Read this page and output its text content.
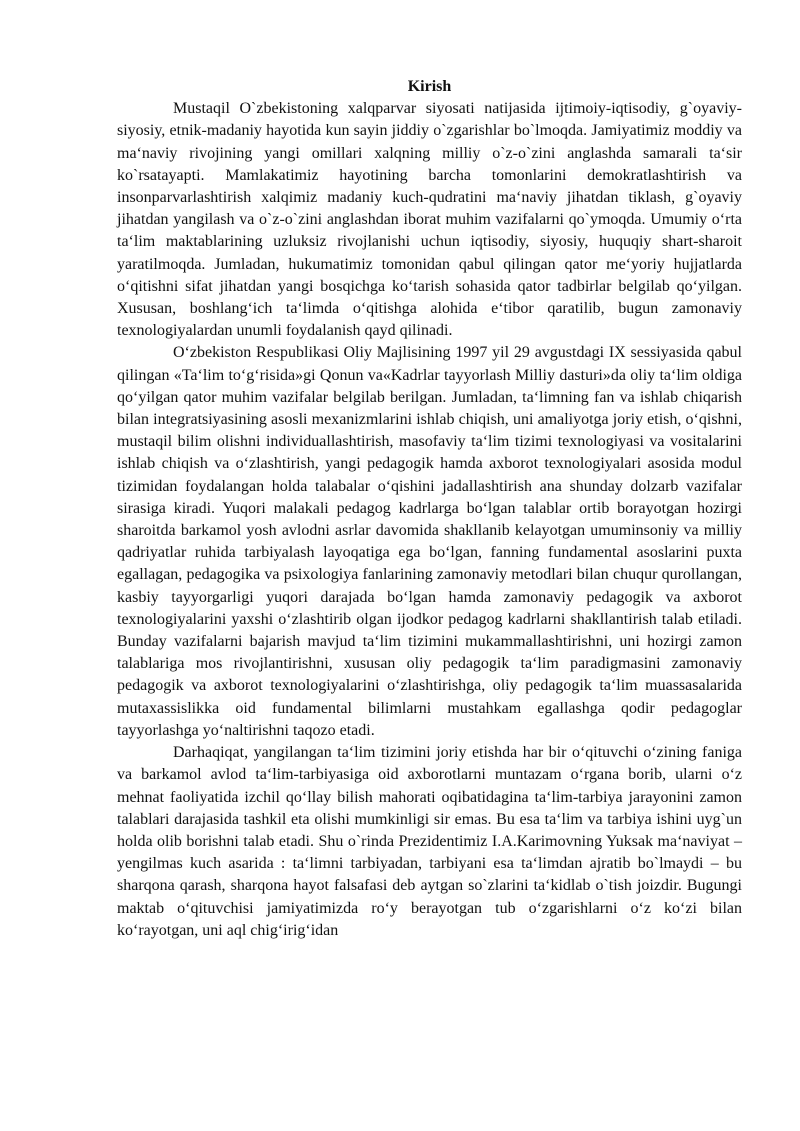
Kirish

Mustaqil O`zbekistoning xalqparvar siyosati natijasida ijtimoiy-iqtisodiy, g`oyaviy-siyosiy, etnik-madaniy hayotida kun sayin jiddiy o`zgarishlar bo`lmoqda. Jamiyatimiz moddiy va ma‘naviy rivojining yangi omillari xalqning milliy o`z-o`zini anglashda samarali ta‘sir ko`rsatayapti. Mamlakatimiz hayotining barcha tomonlarini demokratlashtirish va insonparvarlashtirish xalqimiz madaniy kuch-qudratini ma‘naviy jihatdan tiklash, g`oyaviy jihatdan yangilash va o`z-o`zini anglashdan iborat muhim vazifalarni qo`ymoqda. Umumiy o‘rta ta‘lim maktablarining uzluksiz rivojlanishi uchun iqtisodiy, siyosiy, huquqiy shart-sharoit yaratilmoqda. Jumladan, hukumatimiz tomonidan qabul qilingan qator me‘yoriy hujjatlarda o‘qitishni sifat jihatdan yangi bosqichga ko‘tarish sohasida qator tadbirlar belgilab qo‘yilgan. Xususan, boshlang‘ich ta‘limda o‘qitishga alohida e‘tibor qaratilib, bugun zamonaviy texnologiyalardan unumli foydalanish qayd qilinadi.

O‘zbekiston Respublikasi Oliy Majlisining 1997 yil 29 avgustdagi IX sessiyasida qabul qilingan «Ta‘lim to‘g‘risida»gi Qonun va«Kadrlar tayyorlash Milliy dasturi»da oliy ta‘lim oldiga qo‘yilgan qator muhim vazifalar belgilab berilgan. Jumladan, ta‘limning fan va ishlab chiqarish bilan integratsiyasining asosli mexanizmlarini ishlab chiqish, uni amaliyotga joriy etish, o‘qishni, mustaqil bilim olishni individuallashtirish, masofaviy ta‘lim tizimi texnologiyasi va vositalarini ishlab chiqish va o‘zlashtirish, yangi pedagogik hamda axborot texnologiyalari asosida modul tizimidan foydalangan holda talabalar o‘qishini jadallashtirish ana shunday dolzarb vazifalar sirasiga kiradi. Yuqori malakali pedagog kadrlarga bo‘lgan talablar ortib borayotgan hozirgi sharoitda barkamol yosh avlodni asrlar davomida shakllanib kelayotgan umuminsoniy va milliy qadriyatlar ruhida tarbiyalash layoqatiga ega bo‘lgan, fanning fundamental asoslarini puxta egallagan, pedagogika va psixologiya fanlarining zamonaviy metodlari bilan chuqur qurollangan, kasbiy tayyorgarligi yuqori darajada bo‘lgan hamda zamonaviy pedagogik va axborot texnologiyalarini yaxshi o‘zlashtirib olgan ijodkor pedagog kadrlarni shakllantirish talab etiladi. Bunday vazifalarni bajarish mavjud ta‘lim tizimini mukammallashtirishni, uni hozirgi zamon talablariga mos rivojlantirishni, xususan oliy pedagogik ta‘lim paradigmasini zamonaviy pedagogik va axborot texnologiyalarini o‘zlashtirishga, oliy pedagogik ta‘lim muassasalarida mutaxassislikka oid fundamental bilimlarni mustahkam egallashga qodir pedagoglar tayyorlashga yo‘naltirishni taqozo etadi.

Darhaqiqat, yangilangan ta‘lim tizimini joriy etishda har bir o‘qituvchi o‘zining faniga va barkamol avlod ta‘lim-tarbiyasiga oid axborotlarni muntazam o‘rgana borib, ularni o‘z mehnat faoliyatida izchil qo‘llay bilish mahorati oqibatidagina ta‘lim-tarbiya jarayonini zamon talablari darajasida tashkil eta olishi mumkinligi sir emas. Bu esa ta‘lim va tarbiya ishini uyg`un holda olib borishni talab etadi. Shu o`rinda Prezidentimiz I.A.Karimovning Yuksak ma‘naviyat – yengilmas kuch asarida : ta‘limni tarbiyadan, tarbiyani esa ta‘limdan ajratib bo`lmaydi – bu sharqona qarash, sharqona hayot falsafasi deb aytgan so`zlarini ta‘kidlab o`tish joizdir. Bugungi maktab o‘qituvchisi jamiyatimizda ro‘y berayotgan tub o‘zgarishlarni o‘z ko‘zi bilan ko‘rayotgan, uni aql chig‘irig‘idan
